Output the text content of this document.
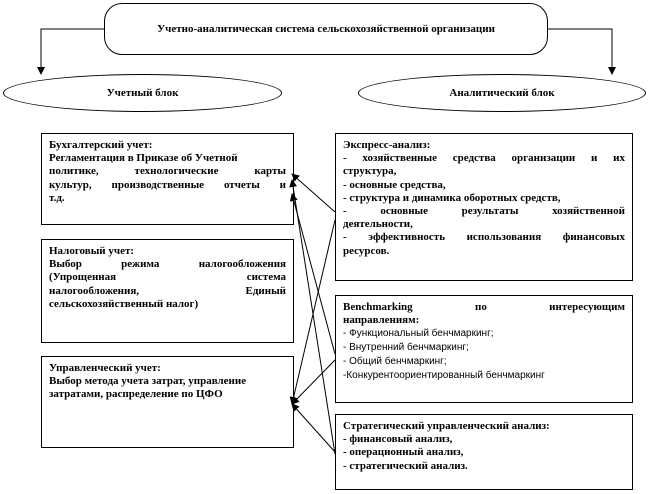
Учетно-аналитическая система сельскохозяйственной организации
Учетный блок	Аналитический блок
Бухгалтерский учет:
Регламентация в Приказе об Учетной
политике, технологические карты
культур, производственные отчеты и
т.д.
Налоговый учет:
Выбор режима налогообложения
(Упрощенная система
налогообложения, Единый
сельскохозяйственный налог)
Управленческий учет:
Выбор метода учета затрат, управление
затратами, распределение по ЦФО
Экспресс-анализ:
- хозяйственные средства организации и их
структура,
- основные средства,
- структура и динамика оборотных средств,
- основные результаты хозяйственной
деятельности,
- эффективность использования финансовых
ресурсов.
Benchmarking по интересующим
направлениям:
- Функциональный бенчмаркинг;
- Внутренний бенчмаркинг;
- Общий бенчмаркинг;
-Конкурентоориентированный бенчмаркинг
Стратегический управленческий анализ:
- финансовый анализ,
- операционный анализ,
- стратегический анализ.
